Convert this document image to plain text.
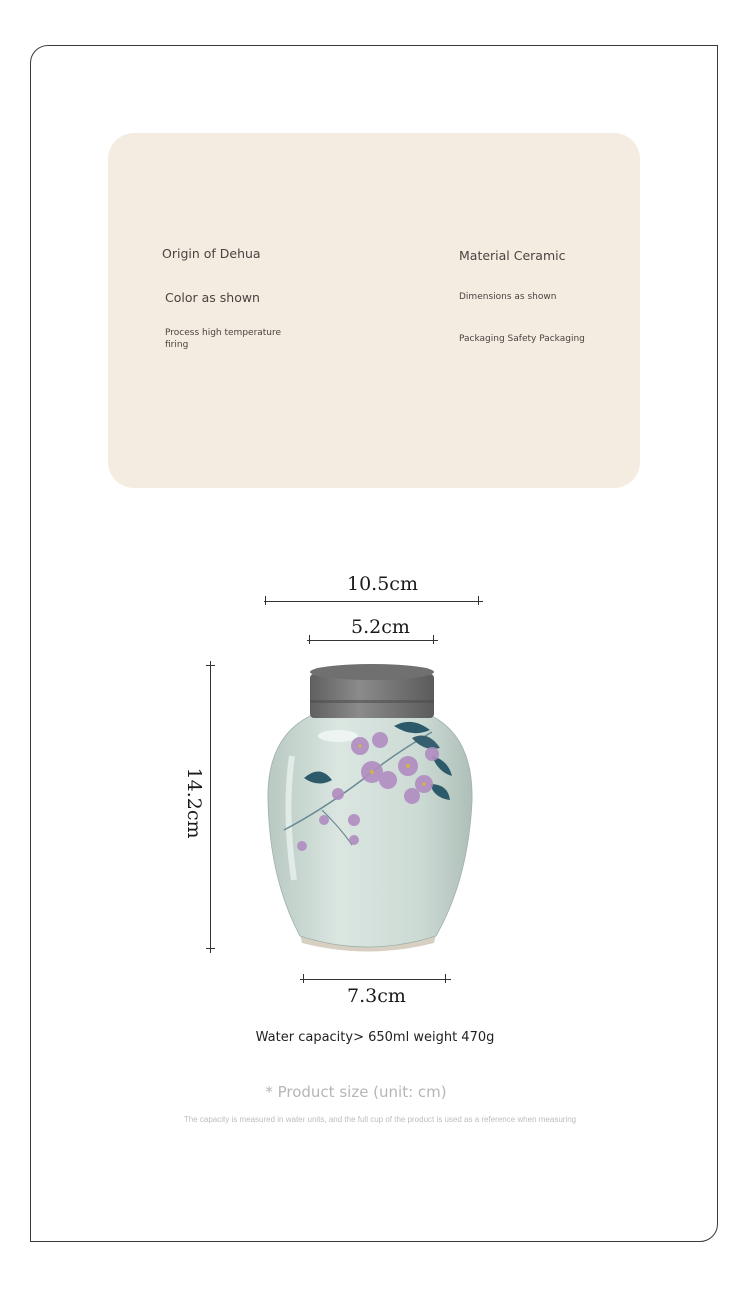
Origin of Dehua	Material Ceramic
Color as shown	Dimensions as shown
Process high temperature firing
Packaging Safety Packaging
10.5cm
5.2cm
14.2cm
7.3cm
Water capacity> 650ml weight 470g
* Product size (unit: cm)
The capacity is measured in water units, and the full cup of the product is used as a reference when measuring
